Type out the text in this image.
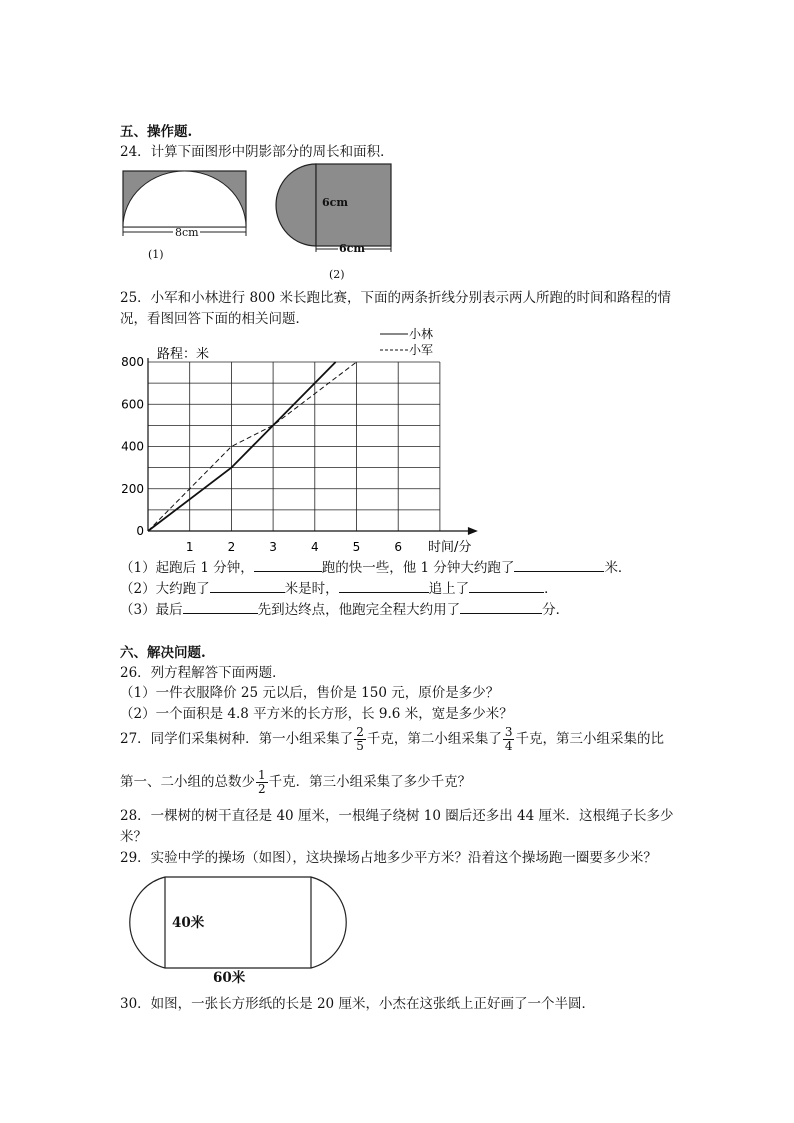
五、操作题.
24．计算下面图形中阴影部分的周长和面积．
8cm
(1)
6cm
6cm
(2)
25．小军和小林进行 800 米长跑比赛，下面的两条折线分别表示两人所跑的时间和路程的情
况，看图回答下面的相关问题．
0
200
400
600
800
1	2	3	4	5	6
路程：米
时间/分
小林
小军
（1）起跑后 1 分钟，	跑的快一些，他 1 分钟大约跑了	米．
（2）大约跑了	米是时，	追上了	．
（3）最后	先到达终点，他跑完全程大约用了	分．
六、解决问题.
26．列方程解答下面两题．
（1）一件衣服降价 25 元以后，售价是 150 元，原价是多少？
（2）一个面积是 4.8 平方米的长方形，长 9.6 米，宽是多少米？
27．同学们采集树种．第一小组采集了 $\frac{2}{5}$ 千克，第二小组采集了 $\frac{3}{4}$ 千克，第三小组采集的比
第一、二小组的总数少 $\frac{1}{2}$ 千克．第三小组采集了多少千克？
28．一棵树的树干直径是 40 厘米，一根绳子绕树 10 圈后还多出 44 厘米．这根绳子长多少
米？
29．实验中学的操场（如图），这块操场占地多少平方米？沿着这个操场跑一圈要多少米？
40米
60米
30．如图，一张长方形纸的长是 20 厘米，小杰在这张纸上正好画了一个半圆．
